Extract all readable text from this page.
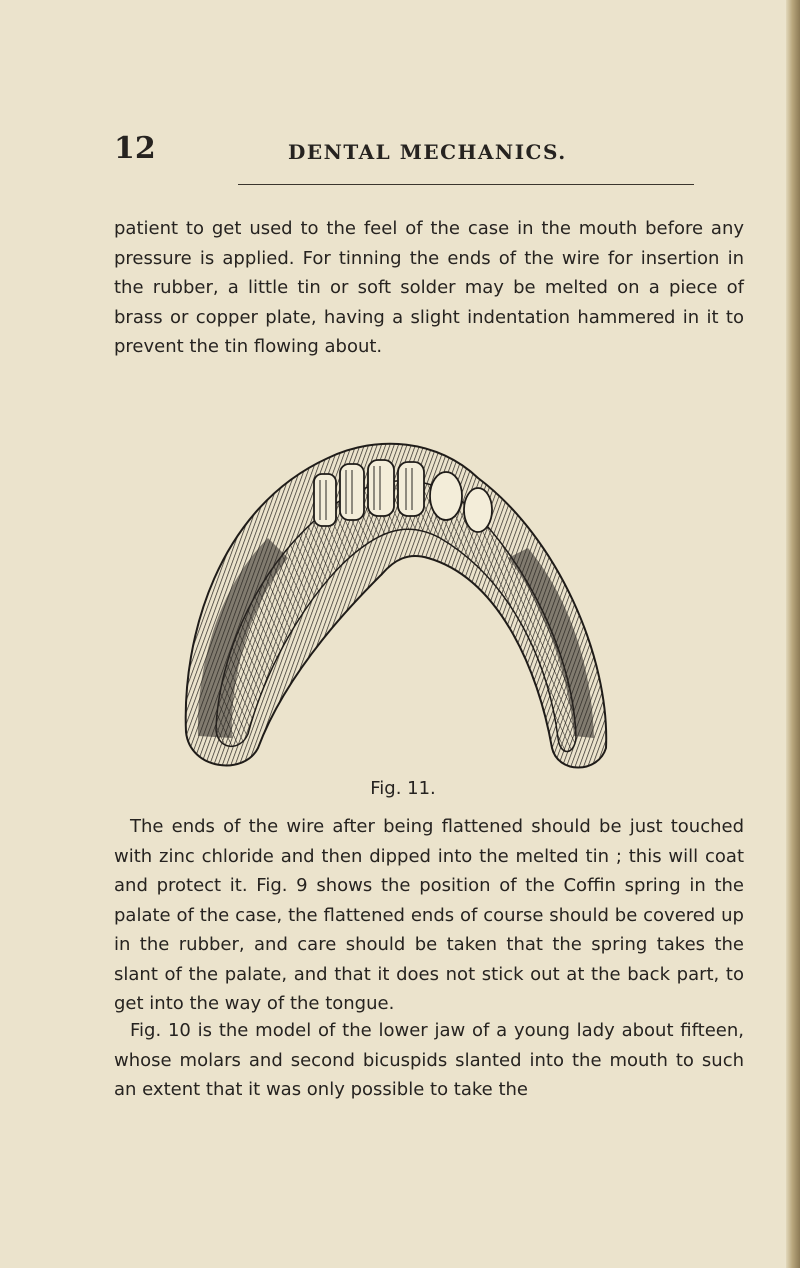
12	DENTAL MECHANICS.

patient to get used to the feel of the case in the mouth before any pressure is applied. For tinning the ends of the wire for insertion in the rubber, a little tin or soft solder may be melted on a piece of brass or copper plate, having a slight indentation hammered in it to prevent the tin flowing about.

Fig. 11.

The ends of the wire after being flattened should be just touched with zinc chloride and then dipped into the melted tin ; this will coat and protect it. Fig. 9 shows the position of the Coffin spring in the palate of the case, the flattened ends of course should be covered up in the rubber, and care should be taken that the spring takes the slant of the palate, and that it does not stick out at the back part, to get into the way of the tongue.

Fig. 10 is the model of the lower jaw of a young lady about fifteen, whose molars and second bicuspids slanted into the mouth to such an extent that it was only possible to take the
